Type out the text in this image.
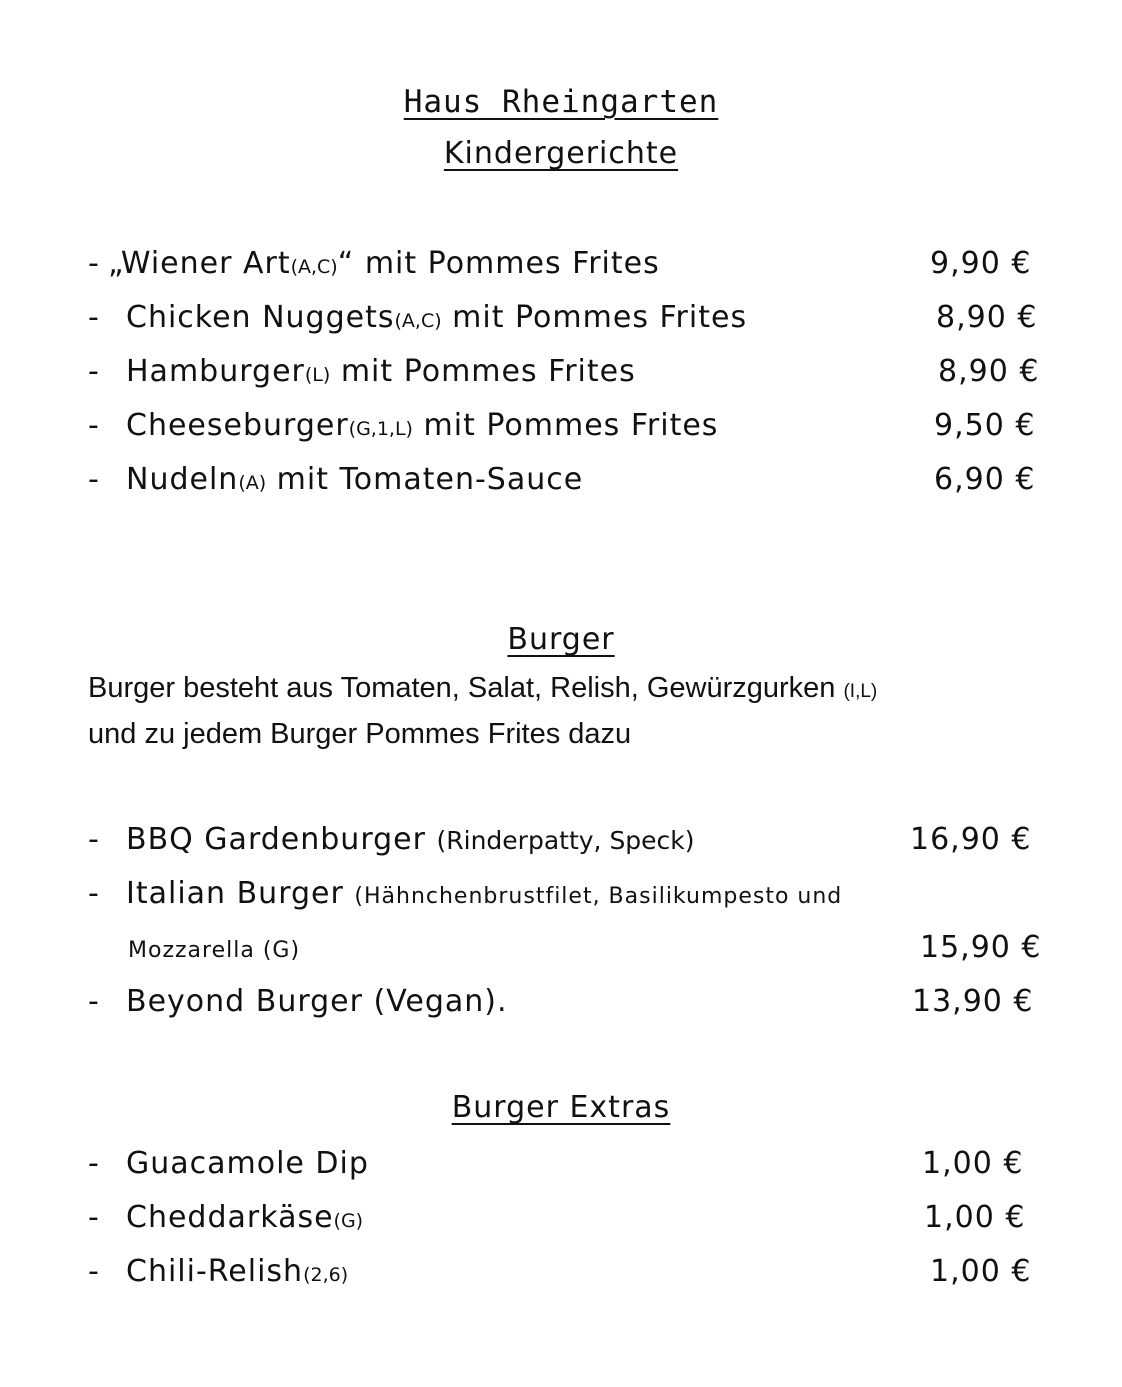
Haus Rheingarten
Kindergerichte
- „Wiener Art(A,C)“ mit Pommes Frites	9,90 €
- Chicken Nuggets(A,C) mit Pommes Frites	8,90 €
- Hamburger(L) mit Pommes Frites	8,90 €
- Cheeseburger(G,1,L) mit Pommes Frites	9,50 €
- Nudeln(A) mit Tomaten-Sauce	6,90 €
Burger
Burger besteht aus Tomaten, Salat, Relish, Gewürzgurken (I,L)
und zu jedem Burger Pommes Frites dazu
- BBQ Gardenburger (Rinderpatty, Speck)	16,90 €
- Italian Burger (Hähnchenbrustfilet, Basilikumpesto und
Mozzarella (G)	15,90 €
- Beyond Burger (Vegan).	13,90 €
Burger Extras
- Guacamole Dip	1,00 €
- Cheddarkäse(G)	1,00 €
- Chili-Relish(2,6)	1,00 €
